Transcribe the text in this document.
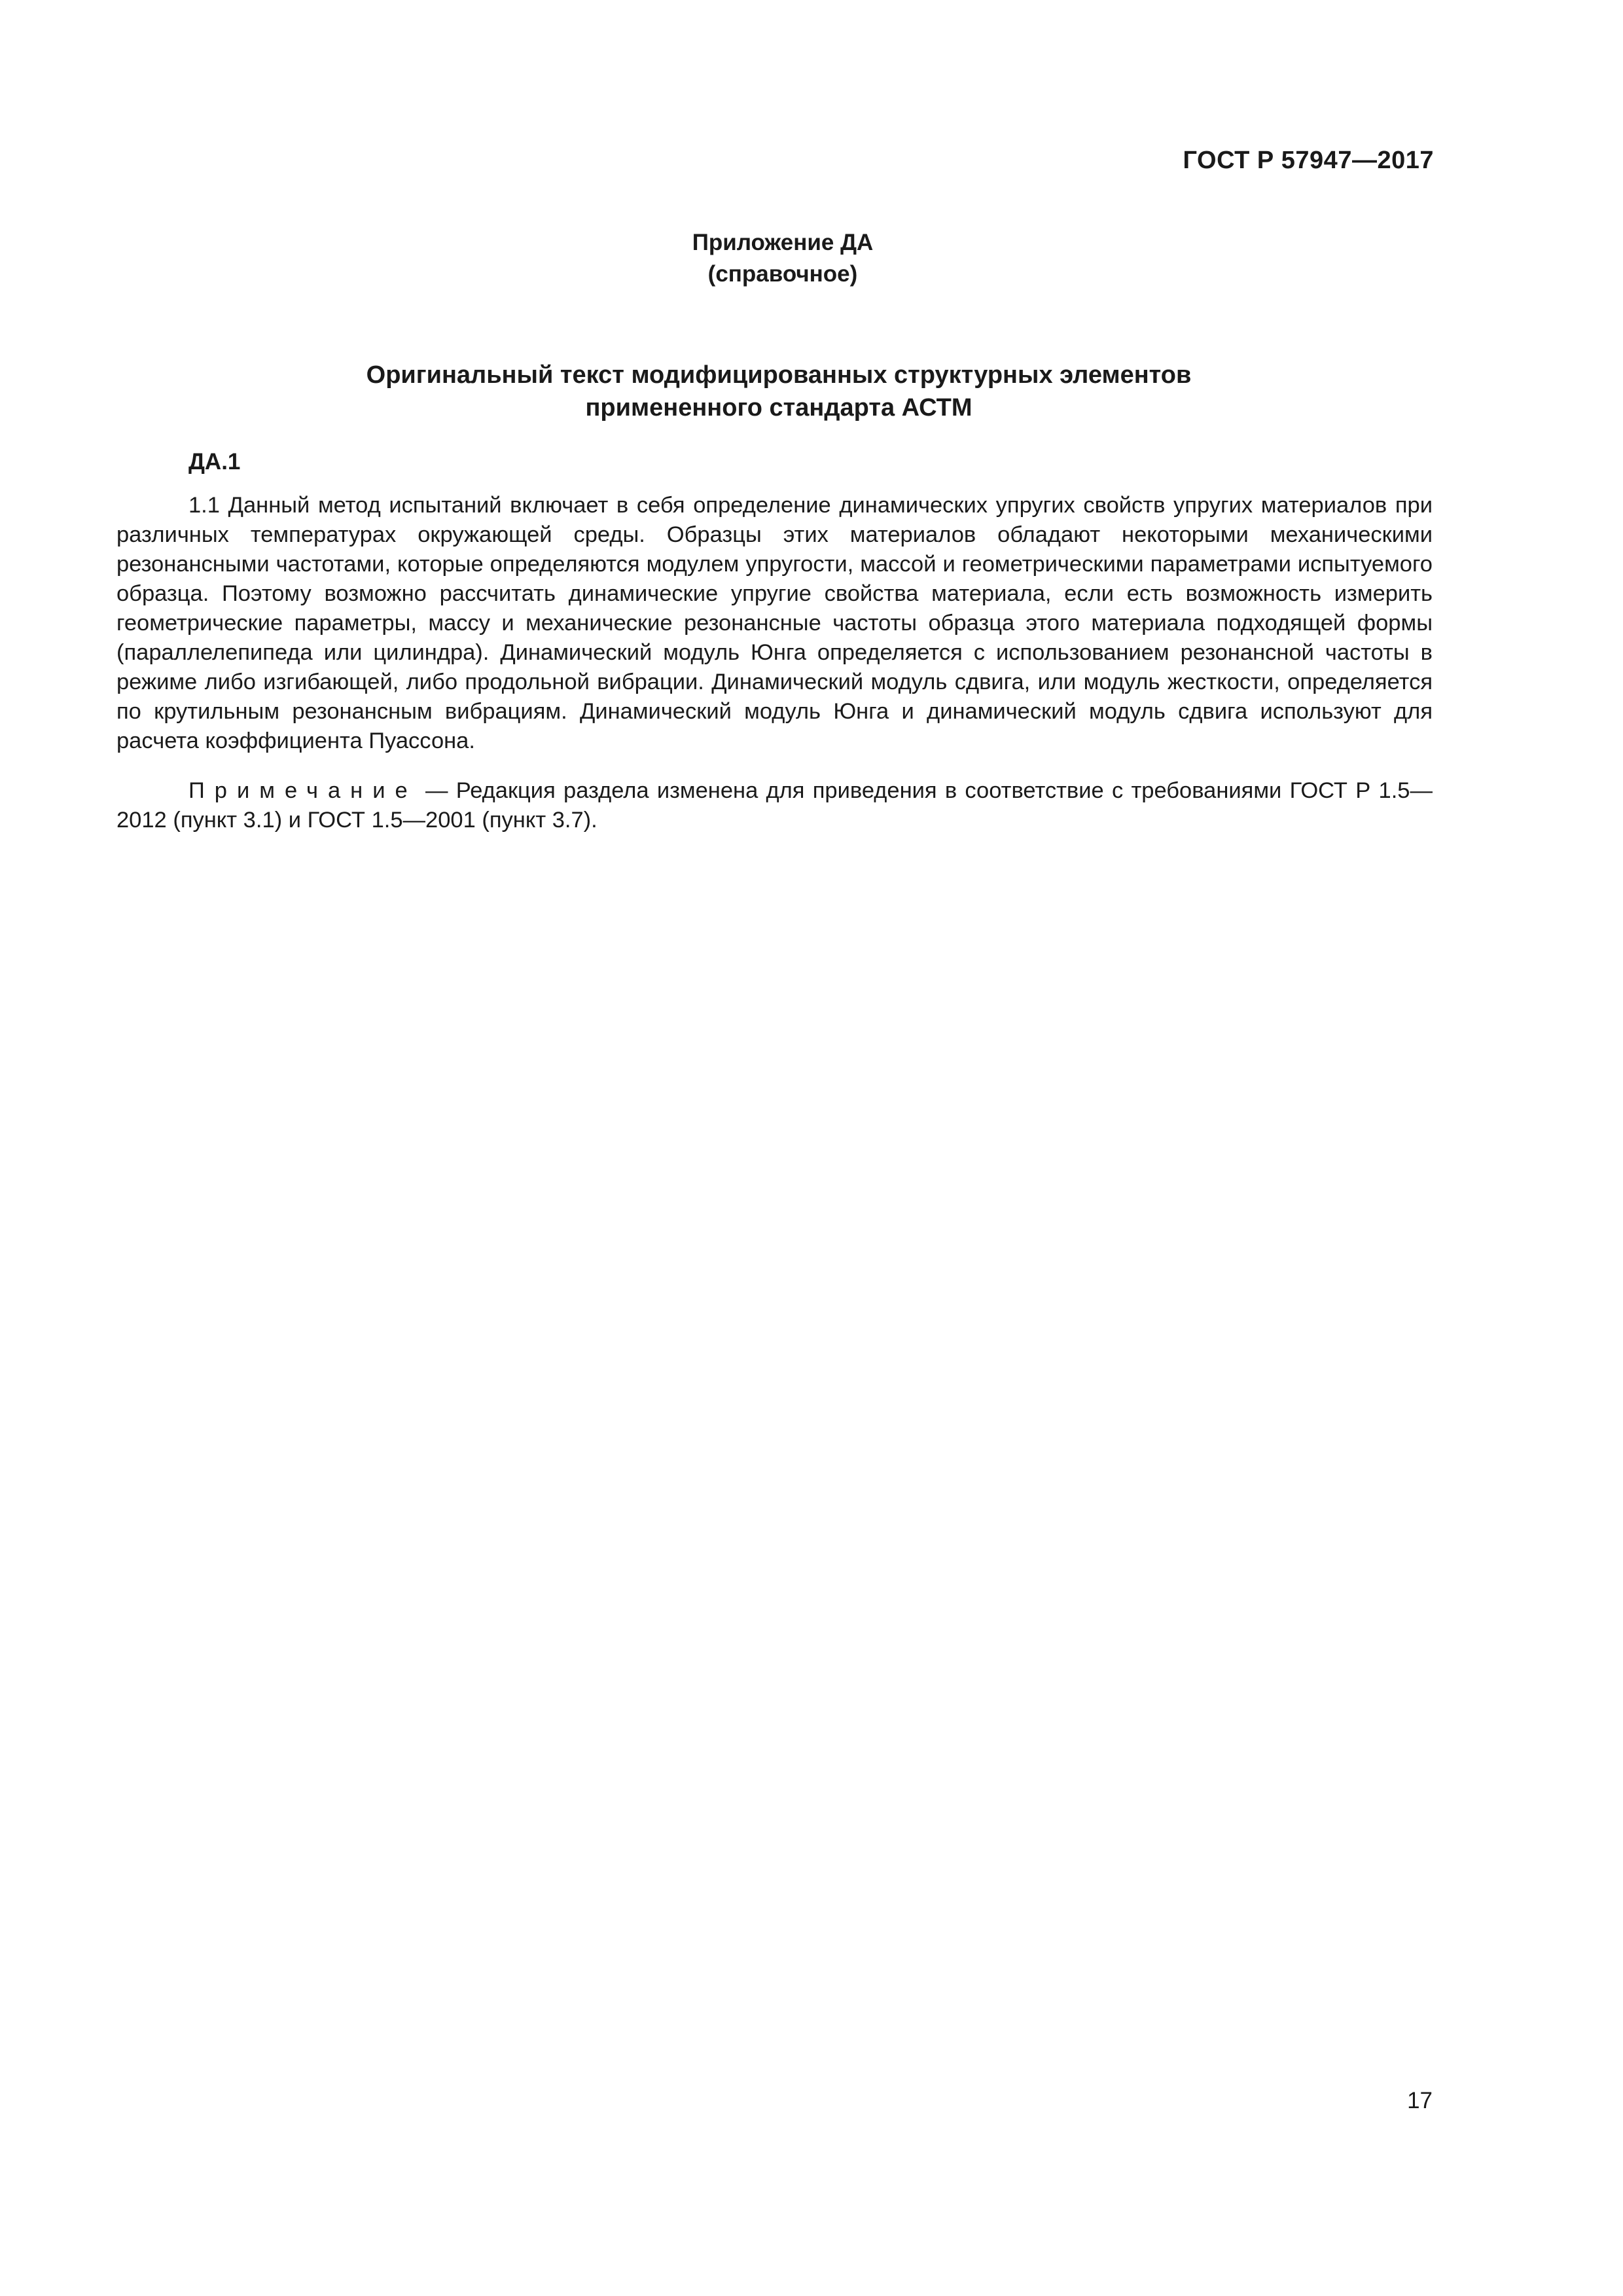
ГОСТ Р 57947—2017
Приложение ДА
(справочное)
Оригинальный текст модифицированных структурных элементов
примененного стандарта АСТМ
ДА.1
1.1 Данный метод испытаний включает в себя определение динамических упругих свойств упругих материалов при различных температурах окружающей среды. Образцы этих материалов обладают некоторыми механическими резонансными частотами, которые определяются модулем упругости, массой и геометрическими параметрами испытуемого образца. Поэтому возможно рассчитать динамические упругие свойства материала, если есть возможность измерить геометрические параметры, массу и механические резонансные частоты образца этого материала подходящей формы (параллелепипеда или цилиндра). Динамический модуль Юнга определяется с использованием резонансной частоты в режиме либо изгибающей, либо продольной вибрации. Динамический модуль сдвига, или модуль жесткости, определяется по крутильным резонансным вибрациям. Динамический модуль Юнга и динамический модуль сдвига используют для расчета коэффициента Пуассона.
Примечание — Редакция раздела изменена для приведения в соответствие с требованиями ГОСТ Р 1.5—2012 (пункт 3.1) и ГОСТ 1.5—2001 (пункт 3.7).
17
